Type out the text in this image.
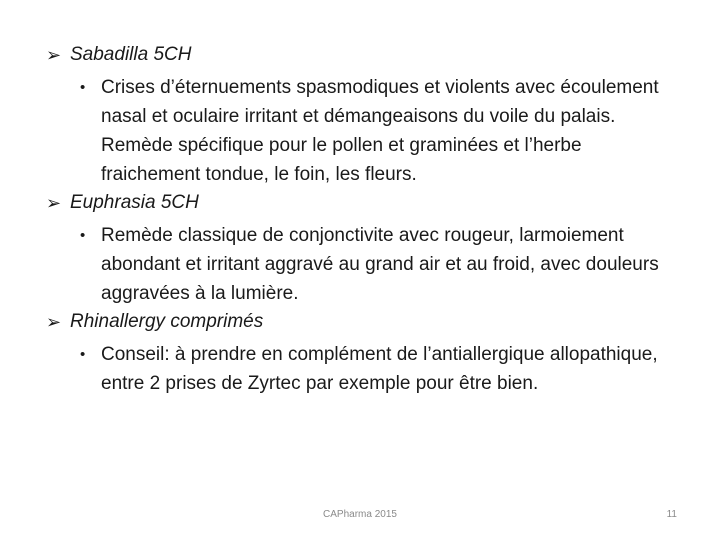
➢ Sabadilla 5CH
• Crises d’éternuements spasmodiques et violents avec écoulement nasal et oculaire irritant et démangeaisons du voile du palais. Remède spécifique pour le pollen et graminées et l’herbe fraichement tondue, le foin, les fleurs.
➢ Euphrasia 5CH
• Remède classique de conjonctivite avec rougeur, larmoiement abondant et irritant aggravé au grand air et au froid, avec douleurs aggravées à la lumière.
➢ Rhinallergy comprimés
• Conseil: à prendre en complément de l’antiallergique allopathique, entre 2 prises de Zyrtec par exemple pour être bien.
CAPharma 2015	11
